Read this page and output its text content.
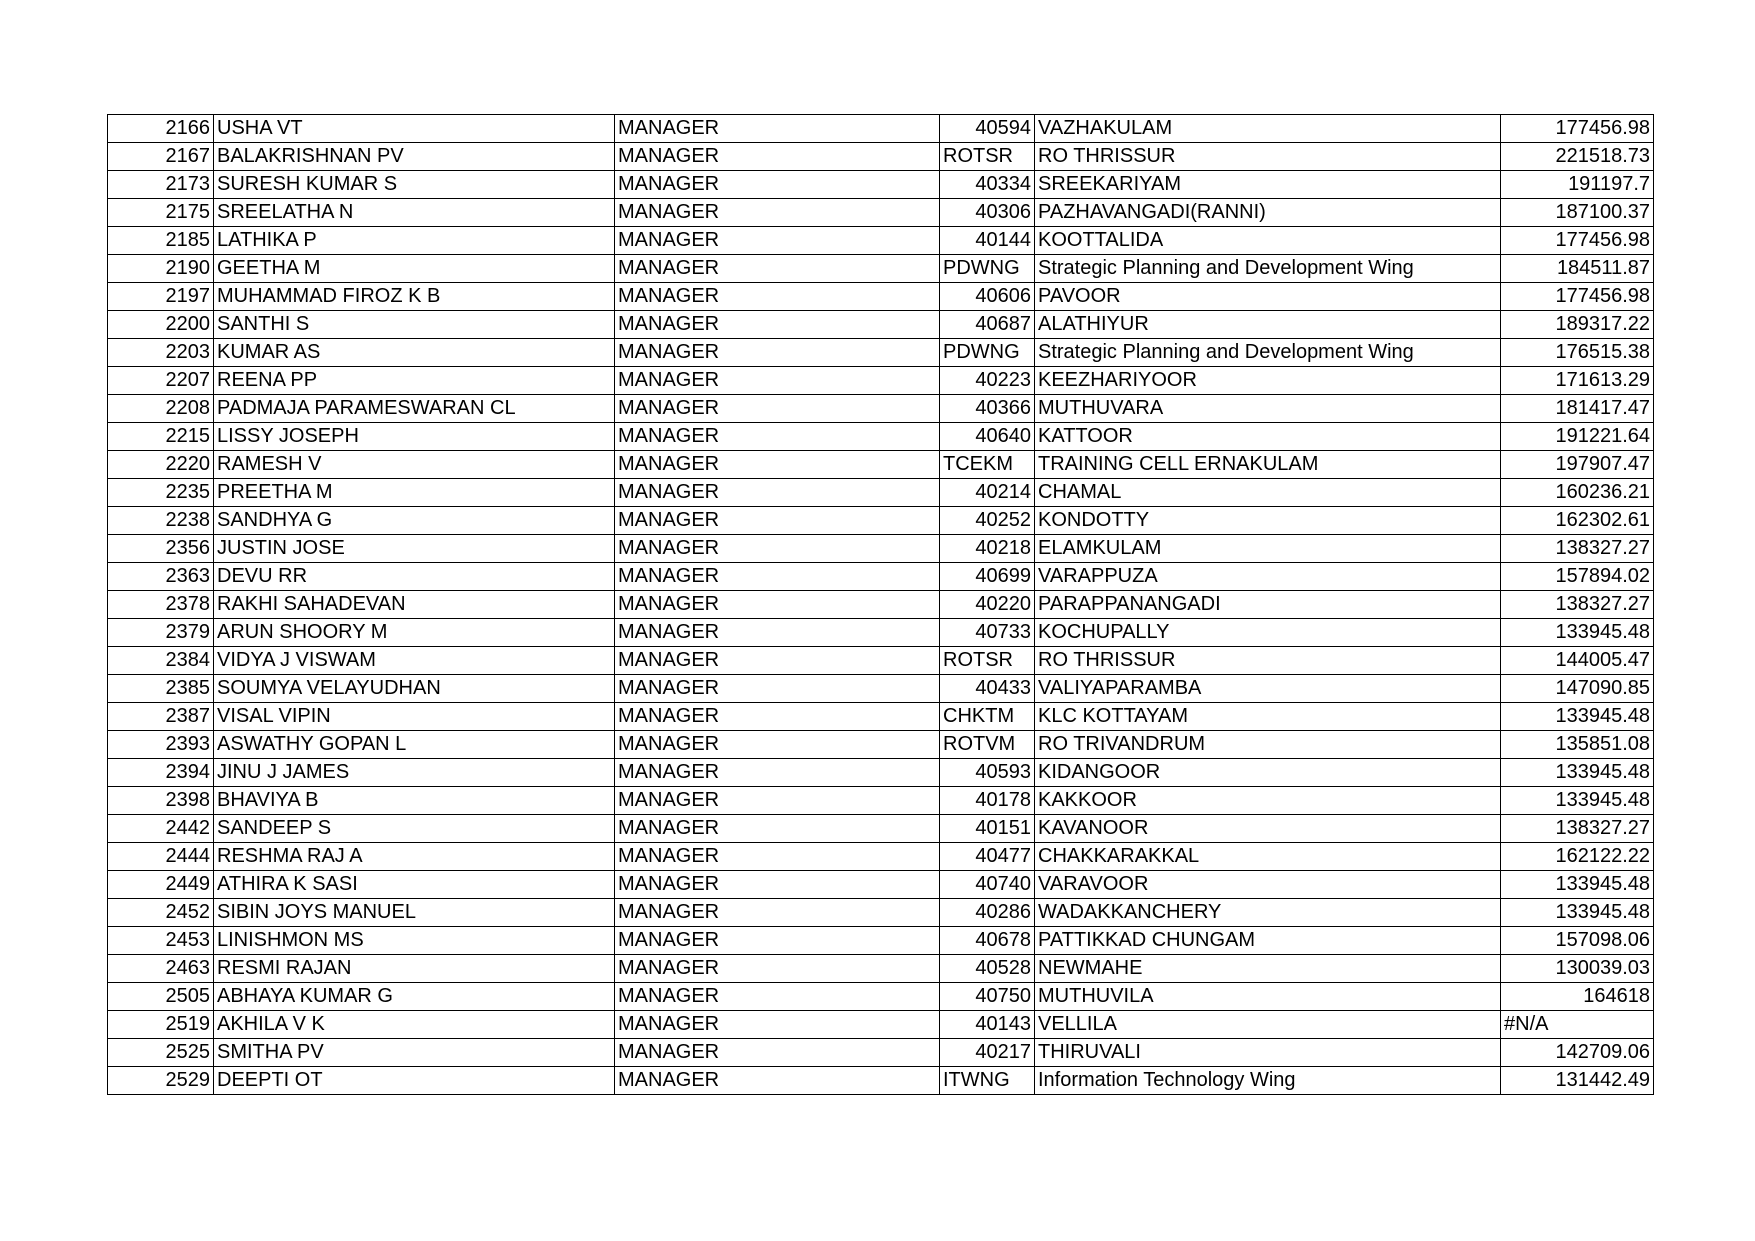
2166	USHA VT	MANAGER	40594	VAZHAKULAM	177456.98
2167	BALAKRISHNAN PV	MANAGER	ROTSR	RO THRISSUR	221518.73
2173	SURESH KUMAR S	MANAGER	40334	SREEKARIYAM	191197.7
2175	SREELATHA N	MANAGER	40306	PAZHAVANGADI(RANNI)	187100.37
2185	LATHIKA P	MANAGER	40144	KOOTTALIDA	177456.98
2190	GEETHA M	MANAGER	PDWNG	Strategic Planning and Development Wing	184511.87
2197	MUHAMMAD FIROZ K B	MANAGER	40606	PAVOOR	177456.98
2200	SANTHI S	MANAGER	40687	ALATHIYUR	189317.22
2203	KUMAR AS	MANAGER	PDWNG	Strategic Planning and Development Wing	176515.38
2207	REENA PP	MANAGER	40223	KEEZHARIYOOR	171613.29
2208	PADMAJA PARAMESWARAN CL	MANAGER	40366	MUTHUVARA	181417.47
2215	LISSY JOSEPH	MANAGER	40640	KATTOOR	191221.64
2220	RAMESH V	MANAGER	TCEKM	TRAINING CELL ERNAKULAM	197907.47
2235	PREETHA M	MANAGER	40214	CHAMAL	160236.21
2238	SANDHYA G	MANAGER	40252	KONDOTTY	162302.61
2356	JUSTIN JOSE	MANAGER	40218	ELAMKULAM	138327.27
2363	DEVU RR	MANAGER	40699	VARAPPUZA	157894.02
2378	RAKHI SAHADEVAN	MANAGER	40220	PARAPPANANGADI	138327.27
2379	ARUN SHOORY M	MANAGER	40733	KOCHUPALLY	133945.48
2384	VIDYA J VISWAM	MANAGER	ROTSR	RO THRISSUR	144005.47
2385	SOUMYA VELAYUDHAN	MANAGER	40433	VALIYAPARAMBA	147090.85
2387	VISAL VIPIN	MANAGER	CHKTM	KLC KOTTAYAM	133945.48
2393	ASWATHY GOPAN L	MANAGER	ROTVM	RO TRIVANDRUM	135851.08
2394	JINU J JAMES	MANAGER	40593	KIDANGOOR	133945.48
2398	BHAVIYA B	MANAGER	40178	KAKKOOR	133945.48
2442	SANDEEP S	MANAGER	40151	KAVANOOR	138327.27
2444	RESHMA RAJ A	MANAGER	40477	CHAKKARAKKAL	162122.22
2449	ATHIRA K SASI	MANAGER	40740	VARAVOOR	133945.48
2452	SIBIN JOYS MANUEL	MANAGER	40286	WADAKKANCHERY	133945.48
2453	LINISHMON MS	MANAGER	40678	PATTIKKAD CHUNGAM	157098.06
2463	RESMI RAJAN	MANAGER	40528	NEWMAHE	130039.03
2505	ABHAYA KUMAR G	MANAGER	40750	MUTHUVILA	164618
2519	AKHILA V K	MANAGER	40143	VELLILA	#N/A
2525	SMITHA PV	MANAGER	40217	THIRUVALI	142709.06
2529	DEEPTI OT	MANAGER	ITWNG	Information Technology Wing	131442.49
